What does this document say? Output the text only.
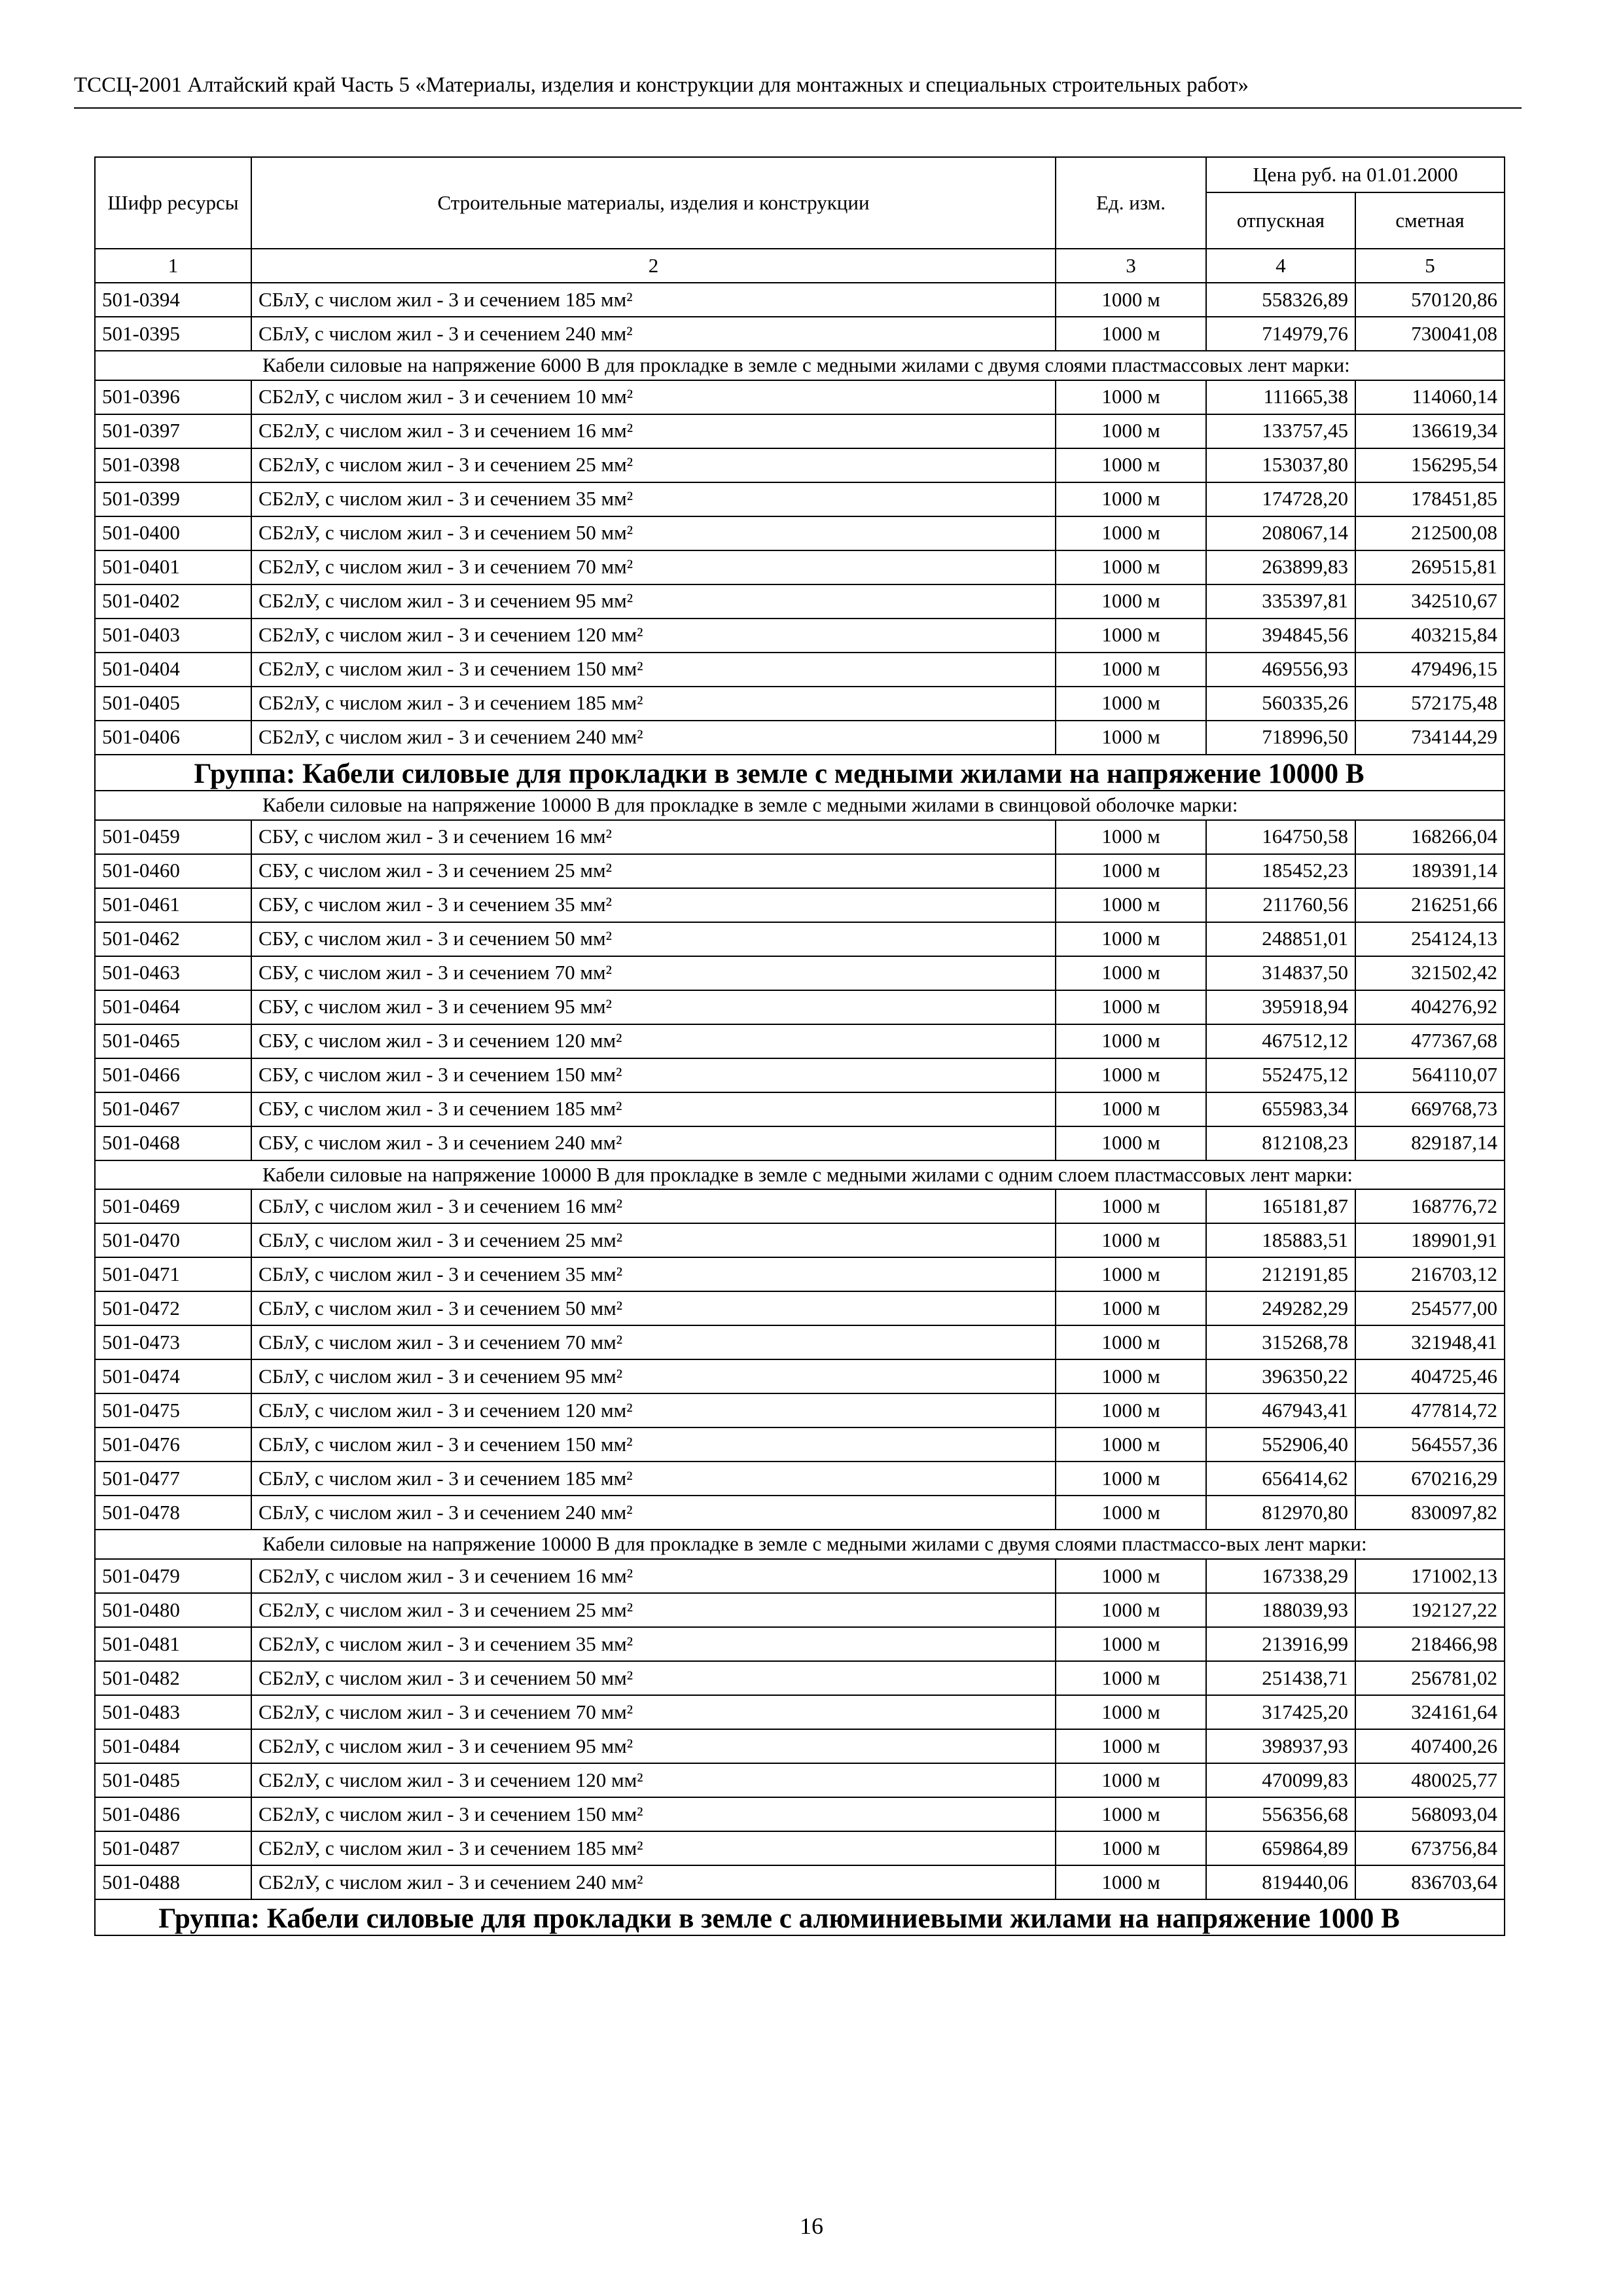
ТССЦ-2001 Алтайский край Часть 5 «Материалы, изделия и конструкции для монтажных и специальных строительных работ»
Шифр ресурсы	Строительные материалы, изделия и конструкции	Ед. изм.	Цена руб. на 01.01.2000	
			отпускная	сметная
1	2	3	4	5
501-0394	СБлУ, с числом жил - 3 и сечением 185 мм²	1000 м	558326,89	570120,86
501-0395	СБлУ, с числом жил - 3 и сечением 240 мм²	1000 м	714979,76	730041,08
Кабели силовые на напряжение 6000 В для прокладке в земле с медными жилами с двумя слоями пластмассовых лент марки:				
501-0396	СБ2лУ, с числом жил - 3 и сечением 10 мм²	1000 м	111665,38	114060,14
501-0397	СБ2лУ, с числом жил - 3 и сечением 16 мм²	1000 м	133757,45	136619,34
501-0398	СБ2лУ, с числом жил - 3 и сечением 25 мм²	1000 м	153037,80	156295,54
501-0399	СБ2лУ, с числом жил - 3 и сечением 35 мм²	1000 м	174728,20	178451,85
501-0400	СБ2лУ, с числом жил - 3 и сечением 50 мм²	1000 м	208067,14	212500,08
501-0401	СБ2лУ, с числом жил - 3 и сечением 70 мм²	1000 м	263899,83	269515,81
501-0402	СБ2лУ, с числом жил - 3 и сечением 95 мм²	1000 м	335397,81	342510,67
501-0403	СБ2лУ, с числом жил - 3 и сечением 120 мм²	1000 м	394845,56	403215,84
501-0404	СБ2лУ, с числом жил - 3 и сечением 150 мм²	1000 м	469556,93	479496,15
501-0405	СБ2лУ, с числом жил - 3 и сечением 185 мм²	1000 м	560335,26	572175,48
501-0406	СБ2лУ, с числом жил - 3 и сечением 240 мм²	1000 м	718996,50	734144,29
Группа: Кабели силовые для прокладки в земле с медными жилами на напряжение 10000 В				
Кабели силовые на напряжение 10000 В для прокладке в земле с медными жилами в свинцовой оболочке марки:				
501-0459	СБУ, с числом жил - 3 и сечением 16 мм²	1000 м	164750,58	168266,04
501-0460	СБУ, с числом жил - 3 и сечением 25 мм²	1000 м	185452,23	189391,14
501-0461	СБУ, с числом жил - 3 и сечением 35 мм²	1000 м	211760,56	216251,66
501-0462	СБУ, с числом жил - 3 и сечением 50 мм²	1000 м	248851,01	254124,13
501-0463	СБУ, с числом жил - 3 и сечением 70 мм²	1000 м	314837,50	321502,42
501-0464	СБУ, с числом жил - 3 и сечением 95 мм²	1000 м	395918,94	404276,92
501-0465	СБУ, с числом жил - 3 и сечением 120 мм²	1000 м	467512,12	477367,68
501-0466	СБУ, с числом жил - 3 и сечением 150 мм²	1000 м	552475,12	564110,07
501-0467	СБУ, с числом жил - 3 и сечением 185 мм²	1000 м	655983,34	669768,73
501-0468	СБУ, с числом жил - 3 и сечением 240 мм²	1000 м	812108,23	829187,14
Кабели силовые на напряжение 10000 В для прокладке в земле с медными жилами с одним слоем пластмассовых лент марки:				
501-0469	СБлУ, с числом жил - 3 и сечением 16 мм²	1000 м	165181,87	168776,72
501-0470	СБлУ, с числом жил - 3 и сечением 25 мм²	1000 м	185883,51	189901,91
501-0471	СБлУ, с числом жил - 3 и сечением 35 мм²	1000 м	212191,85	216703,12
501-0472	СБлУ, с числом жил - 3 и сечением 50 мм²	1000 м	249282,29	254577,00
501-0473	СБлУ, с числом жил - 3 и сечением 70 мм²	1000 м	315268,78	321948,41
501-0474	СБлУ, с числом жил - 3 и сечением 95 мм²	1000 м	396350,22	404725,46
501-0475	СБлУ, с числом жил - 3 и сечением 120 мм²	1000 м	467943,41	477814,72
501-0476	СБлУ, с числом жил - 3 и сечением 150 мм²	1000 м	552906,40	564557,36
501-0477	СБлУ, с числом жил - 3 и сечением 185 мм²	1000 м	656414,62	670216,29
501-0478	СБлУ, с числом жил - 3 и сечением 240 мм²	1000 м	812970,80	830097,82
Кабели силовые на напряжение 10000 В для прокладке в земле с медными жилами с двумя слоями пластмассо-вых лент марки:				
501-0479	СБ2лУ, с числом жил - 3 и сечением 16 мм²	1000 м	167338,29	171002,13
501-0480	СБ2лУ, с числом жил - 3 и сечением 25 мм²	1000 м	188039,93	192127,22
501-0481	СБ2лУ, с числом жил - 3 и сечением 35 мм²	1000 м	213916,99	218466,98
501-0482	СБ2лУ, с числом жил - 3 и сечением 50 мм²	1000 м	251438,71	256781,02
501-0483	СБ2лУ, с числом жил - 3 и сечением 70 мм²	1000 м	317425,20	324161,64
501-0484	СБ2лУ, с числом жил - 3 и сечением 95 мм²	1000 м	398937,93	407400,26
501-0485	СБ2лУ, с числом жил - 3 и сечением 120 мм²	1000 м	470099,83	480025,77
501-0486	СБ2лУ, с числом жил - 3 и сечением 150 мм²	1000 м	556356,68	568093,04
501-0487	СБ2лУ, с числом жил - 3 и сечением 185 мм²	1000 м	659864,89	673756,84
501-0488	СБ2лУ, с числом жил - 3 и сечением 240 мм²	1000 м	819440,06	836703,64
Группа: Кабели силовые для прокладки в земле с алюминиевыми жилами на напряжение 1000 В				
16
